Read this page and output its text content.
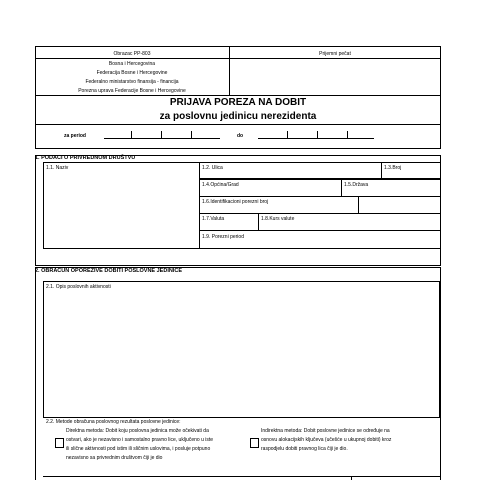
Obrazac PP-803	Prijemni pečat
Bosna i Hercegovina
Federacija Bosne i Hercegovine
Federalno ministarstvo finansija - financija
Porezna uprava Federacije Bosne i Hercegovine
PRIJAVA POREZA NA DOBIT
za poslovnu jedinicu nerezidenta
za period	do
1. PODACI O PRIVREDNOM DRUŠTVU
1.1. Naziv	1.2. Ulica	1.3.Broj
1.4.Općina/Grad	1.5.Država
1.6.Identifikacioni porezni broj
1.7.Valuta	1.8.Kurs valute
1.9. Porezni period
2. OBRAČUN OPOREZIVE DOBITI POSLOVNE JEDINICE
2.1. Opis poslovnih aktivnosti
2.2. Metode obračuna poslovnog rezultata poslovne jedinice:
Direktna metoda: Dobit koju poslovna jedinica može očekivati da
ostvari, ako je nezavisno i samostalno pravno lice, uključeno u iste
ili slične aktivnosti pod istim ili sličnim uslovima, i posluje potpuno
nezavisno sa privrednim društvom čiji je dio
Indirektna metoda: Dobit poslovne jedinice se određuje na
osnovu alokacijskih ključeva (učešće u ukupnoj dobiti) kroz
raspodjelu dobiti pravnog lica čiji je dio.
